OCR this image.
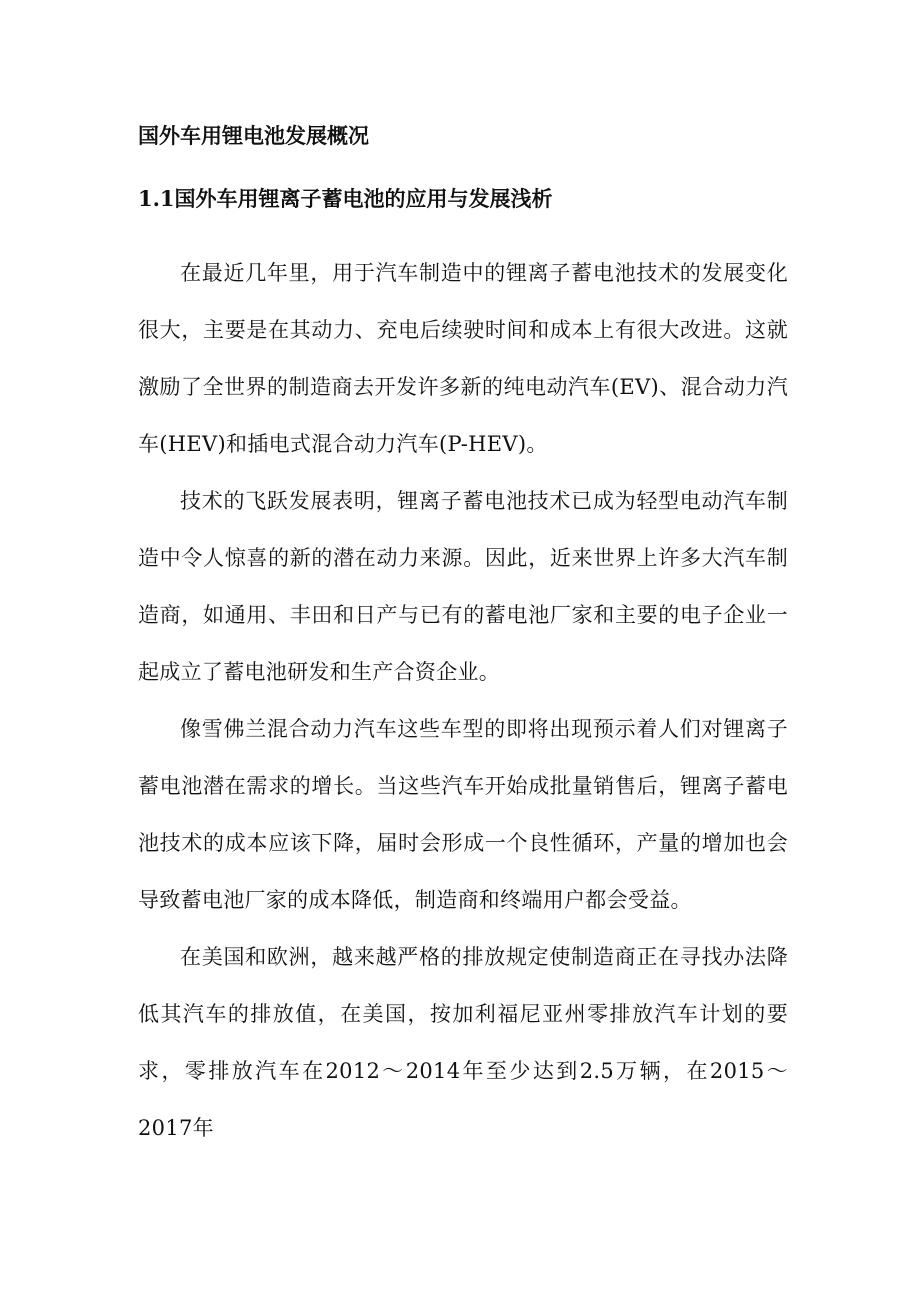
国外车用锂电池发展概况
1.1国外车用锂离子蓄电池的应用与发展浅析

在最近几年里，用于汽车制造中的锂离子蓄电池技术的发展变化很大，主要是在其动力、充电后续驶时间和成本上有很大改进。这就激励了全世界的制造商去开发许多新的纯电动汽车(EV)、混合动力汽车(HEV)和插电式混合动力汽车(P-HEV)。

技术的飞跃发展表明，锂离子蓄电池技术已成为轻型电动汽车制造中令人惊喜的新的潜在动力来源。因此，近来世界上许多大汽车制造商，如通用、丰田和日产与已有的蓄电池厂家和主要的电子企业一起成立了蓄电池研发和生产合资企业。

像雪佛兰混合动力汽车这些车型的即将出现预示着人们对锂离子蓄电池潜在需求的增长。当这些汽车开始成批量销售后，锂离子蓄电池技术的成本应该下降，届时会形成一个良性循环，产量的增加也会导致蓄电池厂家的成本降低，制造商和终端用户都会受益。

在美国和欧洲，越来越严格的排放规定使制造商正在寻找办法降低其汽车的排放值，在美国，按加利福尼亚州零排放汽车计划的要求，零排放汽车在2012～2014年至少达到2.5万辆，在2015～2017年
